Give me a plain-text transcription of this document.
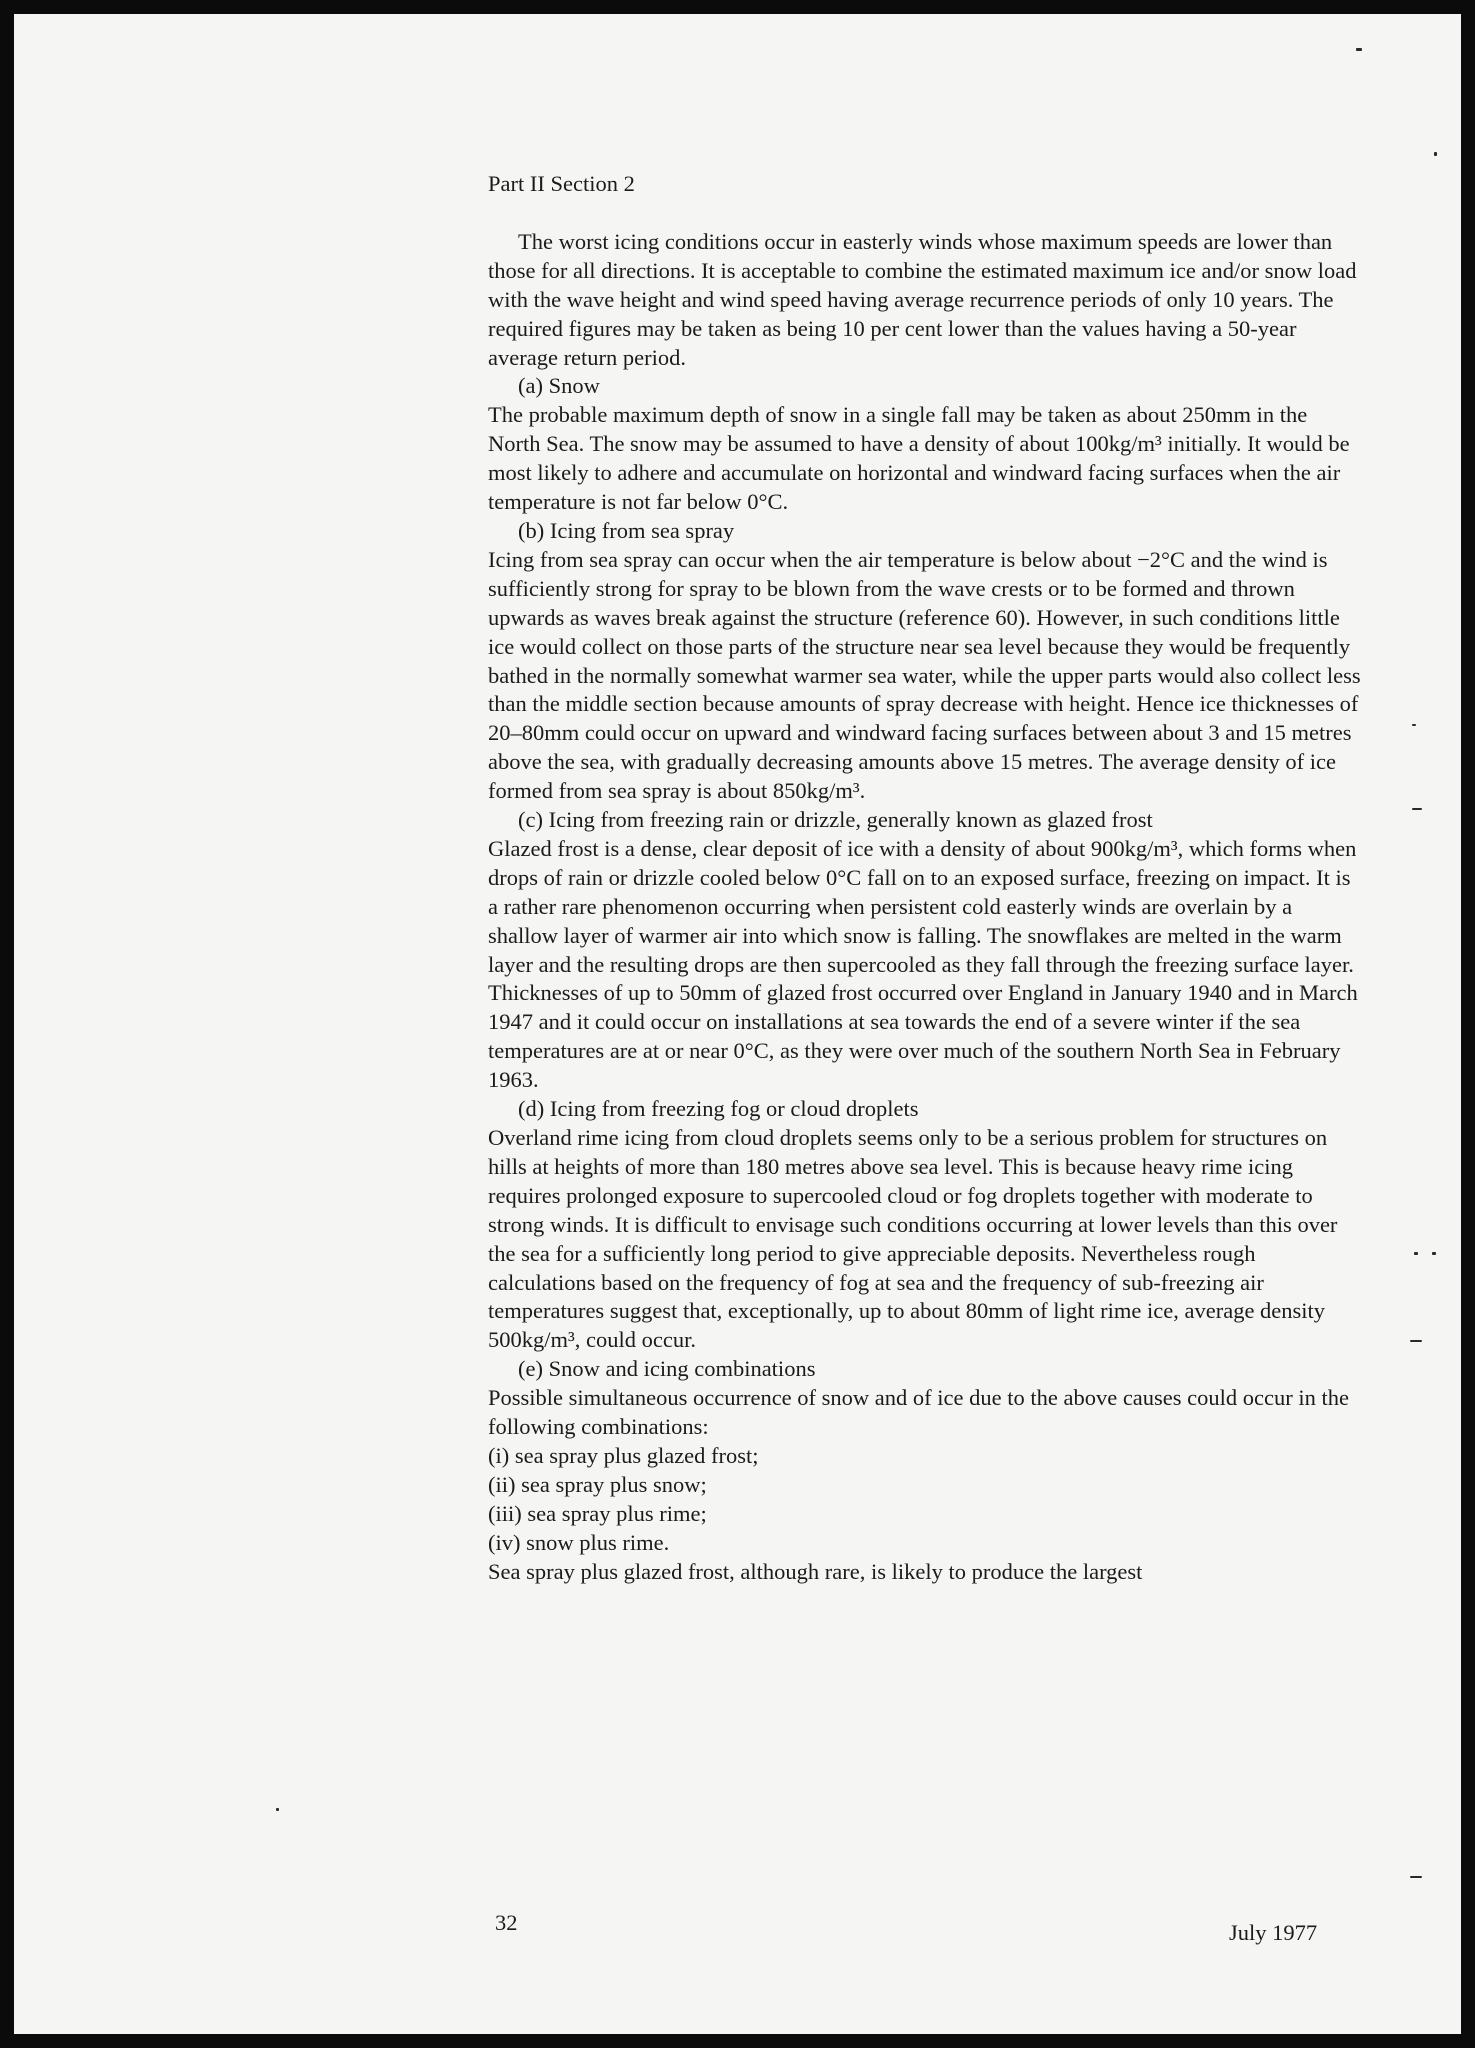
Part II Section 2

The worst icing conditions occur in easterly winds whose maximum speeds are lower than those for all directions. It is acceptable to combine the estimated maximum ice and/or snow load with the wave height and wind speed having average recurrence periods of only 10 years. The required figures may be taken as being 10 per cent lower than the values having a 50-year average return period.

(a) Snow

The probable maximum depth of snow in a single fall may be taken as about 250mm in the North Sea. The snow may be assumed to have a density of about 100kg/m³ initially. It would be most likely to adhere and accumulate on horizontal and windward facing surfaces when the air temperature is not far below 0°C.

(b) Icing from sea spray

Icing from sea spray can occur when the air temperature is below about −2°C and the wind is sufficiently strong for spray to be blown from the wave crests or to be formed and thrown upwards as waves break against the structure (reference 60). However, in such conditions little ice would collect on those parts of the structure near sea level because they would be frequently bathed in the normally somewhat warmer sea water, while the upper parts would also collect less than the middle section because amounts of spray decrease with height. Hence ice thicknesses of 20–80mm could occur on upward and windward facing surfaces between about 3 and 15 metres above the sea, with gradually decreasing amounts above 15 metres. The average density of ice formed from sea spray is about 850kg/m³.

(c) Icing from freezing rain or drizzle, generally known as glazed frost

Glazed frost is a dense, clear deposit of ice with a density of about 900kg/m³, which forms when drops of rain or drizzle cooled below 0°C fall on to an exposed surface, freezing on impact. It is a rather rare phenomenon occurring when persistent cold easterly winds are overlain by a shallow layer of warmer air into which snow is falling. The snowflakes are melted in the warm layer and the resulting drops are then supercooled as they fall through the freezing surface layer. Thicknesses of up to 50mm of glazed frost occurred over England in January 1940 and in March 1947 and it could occur on installations at sea towards the end of a severe winter if the sea temperatures are at or near 0°C, as they were over much of the southern North Sea in February 1963.

(d) Icing from freezing fog or cloud droplets

Overland rime icing from cloud droplets seems only to be a serious problem for structures on hills at heights of more than 180 metres above sea level. This is because heavy rime icing requires prolonged exposure to supercooled cloud or fog droplets together with moderate to strong winds. It is difficult to envisage such conditions occurring at lower levels than this over the sea for a sufficiently long period to give appreciable deposits. Nevertheless rough calculations based on the frequency of fog at sea and the frequency of sub-freezing air temperatures suggest that, exceptionally, up to about 80mm of light rime ice, average density 500kg/m³, could occur.

(e) Snow and icing combinations

Possible simultaneous occurrence of snow and of ice due to the above causes could occur in the following combinations:

(i) sea spray plus glazed frost;
(ii) sea spray plus snow;
(iii) sea spray plus rime;
(iv) snow plus rime.

Sea spray plus glazed frost, although rare, is likely to produce the largest

32	July 1977
